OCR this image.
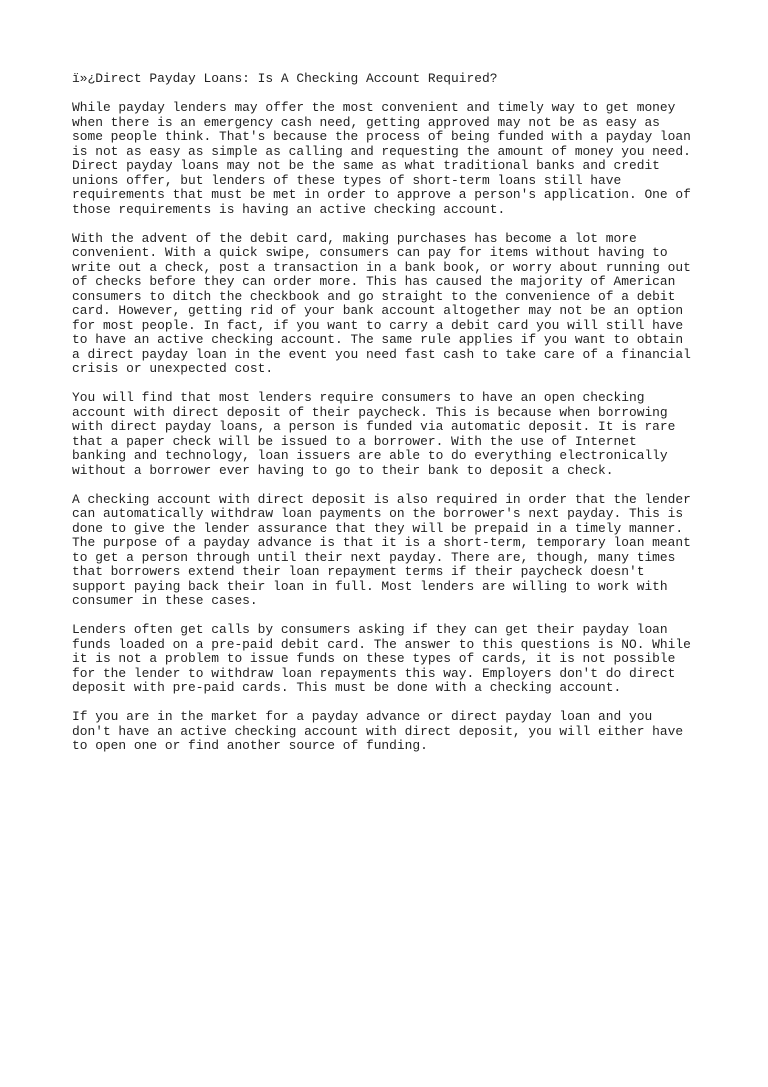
ï»¿Direct Payday Loans: Is A Checking Account Required?
While payday lenders may offer the most convenient and timely way to get money
when there is an emergency cash need, getting approved may not be as easy as
some people think. That's because the process of being funded with a payday loan
is not as easy as simple as calling and requesting the amount of money you need.
Direct payday loans may not be the same as what traditional banks and credit
unions offer, but lenders of these types of short-term loans still have
requirements that must be met in order to approve a person's application. One of
those requirements is having an active checking account.
With the advent of the debit card, making purchases has become a lot more
convenient. With a quick swipe, consumers can pay for items without having to
write out a check, post a transaction in a bank book, or worry about running out
of checks before they can order more. This has caused the majority of American
consumers to ditch the checkbook and go straight to the convenience of a debit
card. However, getting rid of your bank account altogether may not be an option
for most people. In fact, if you want to carry a debit card you will still have
to have an active checking account. The same rule applies if you want to obtain
a direct payday loan in the event you need fast cash to take care of a financial
crisis or unexpected cost.
You will find that most lenders require consumers to have an open checking
account with direct deposit of their paycheck. This is because when borrowing
with direct payday loans, a person is funded via automatic deposit. It is rare
that a paper check will be issued to a borrower. With the use of Internet
banking and technology, loan issuers are able to do everything electronically
without a borrower ever having to go to their bank to deposit a check.
A checking account with direct deposit is also required in order that the lender
can automatically withdraw loan payments on the borrower's next payday. This is
done to give the lender assurance that they will be prepaid in a timely manner.
The purpose of a payday advance is that it is a short-term, temporary loan meant
to get a person through until their next payday. There are, though, many times
that borrowers extend their loan repayment terms if their paycheck doesn't
support paying back their loan in full. Most lenders are willing to work with
consumer in these cases.
Lenders often get calls by consumers asking if they can get their payday loan
funds loaded on a pre-paid debit card. The answer to this questions is NO. While
it is not a problem to issue funds on these types of cards, it is not possible
for the lender to withdraw loan repayments this way. Employers don't do direct
deposit with pre-paid cards. This must be done with a checking account.
If you are in the market for a payday advance or direct payday loan and you
don't have an active checking account with direct deposit, you will either have
to open one or find another source of funding.
